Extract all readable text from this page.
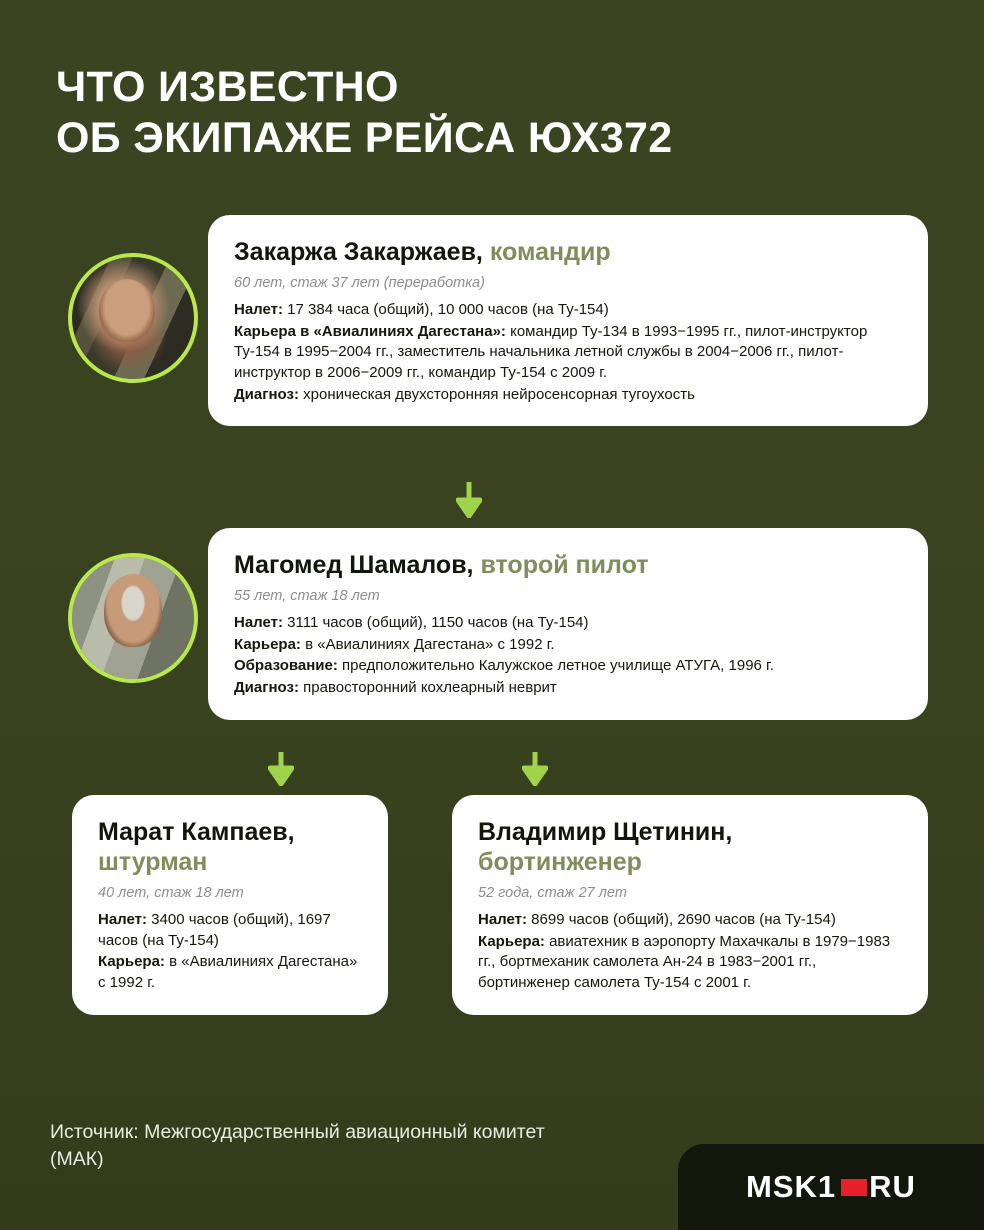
ЧТО ИЗВЕСТНО
ОБ ЭКИПАЖЕ РЕЙСА ЮХ372
Закаржа Закаржаев, командир
60 лет, стаж 37 лет (переработка)

Налет: 17 384 часа (общий), 10 000 часов (на Ту-154)

Карьера в «Авиалиниях Дагестана»: командир Ту-134 в 1993−1995 гг., пилот-инструктор Ту-154 в 1995−2004 гг., заместитель начальника летной службы в 2004−2006 гг., пилот-инструктор в 2006−2009 гг., командир Ту-154 с 2009 г.

Диагноз: хроническая двухсторонняя нейросенсорная тугоухость

Магомед Шамалов, второй пилот
55 лет, стаж 18 лет

Налет: 3111 часов (общий), 1150 часов (на Ту-154)

Карьера: в «Авиалиниях Дагестана» с 1992 г.

Образование: предположительно Калужское летное училище АТУГА, 1996 г.

Диагноз: правосторонний кохлеарный неврит

Марат Кампаев,
штурман
40 лет, стаж 18 лет

Налет: 3400 часов (общий), 1697 часов (на Ту-154)

Карьера: в «Авиалиниях Дагестана» с 1992 г.

Владимир Щетинин,
бортинженер
52 года, стаж 27 лет

Налет: 8699 часов (общий), 2690 часов (на Ту-154)

Карьера: авиатехник в аэропорту Махачкалы в 1979−1983 гг., бортмеханик самолета Ан-24 в 1983−2001 гг., бортинженер самолета Ту-154 с 2001 г.

Источник: Межгосударственный авиационный комитет (МАК)
MSK1 RU
